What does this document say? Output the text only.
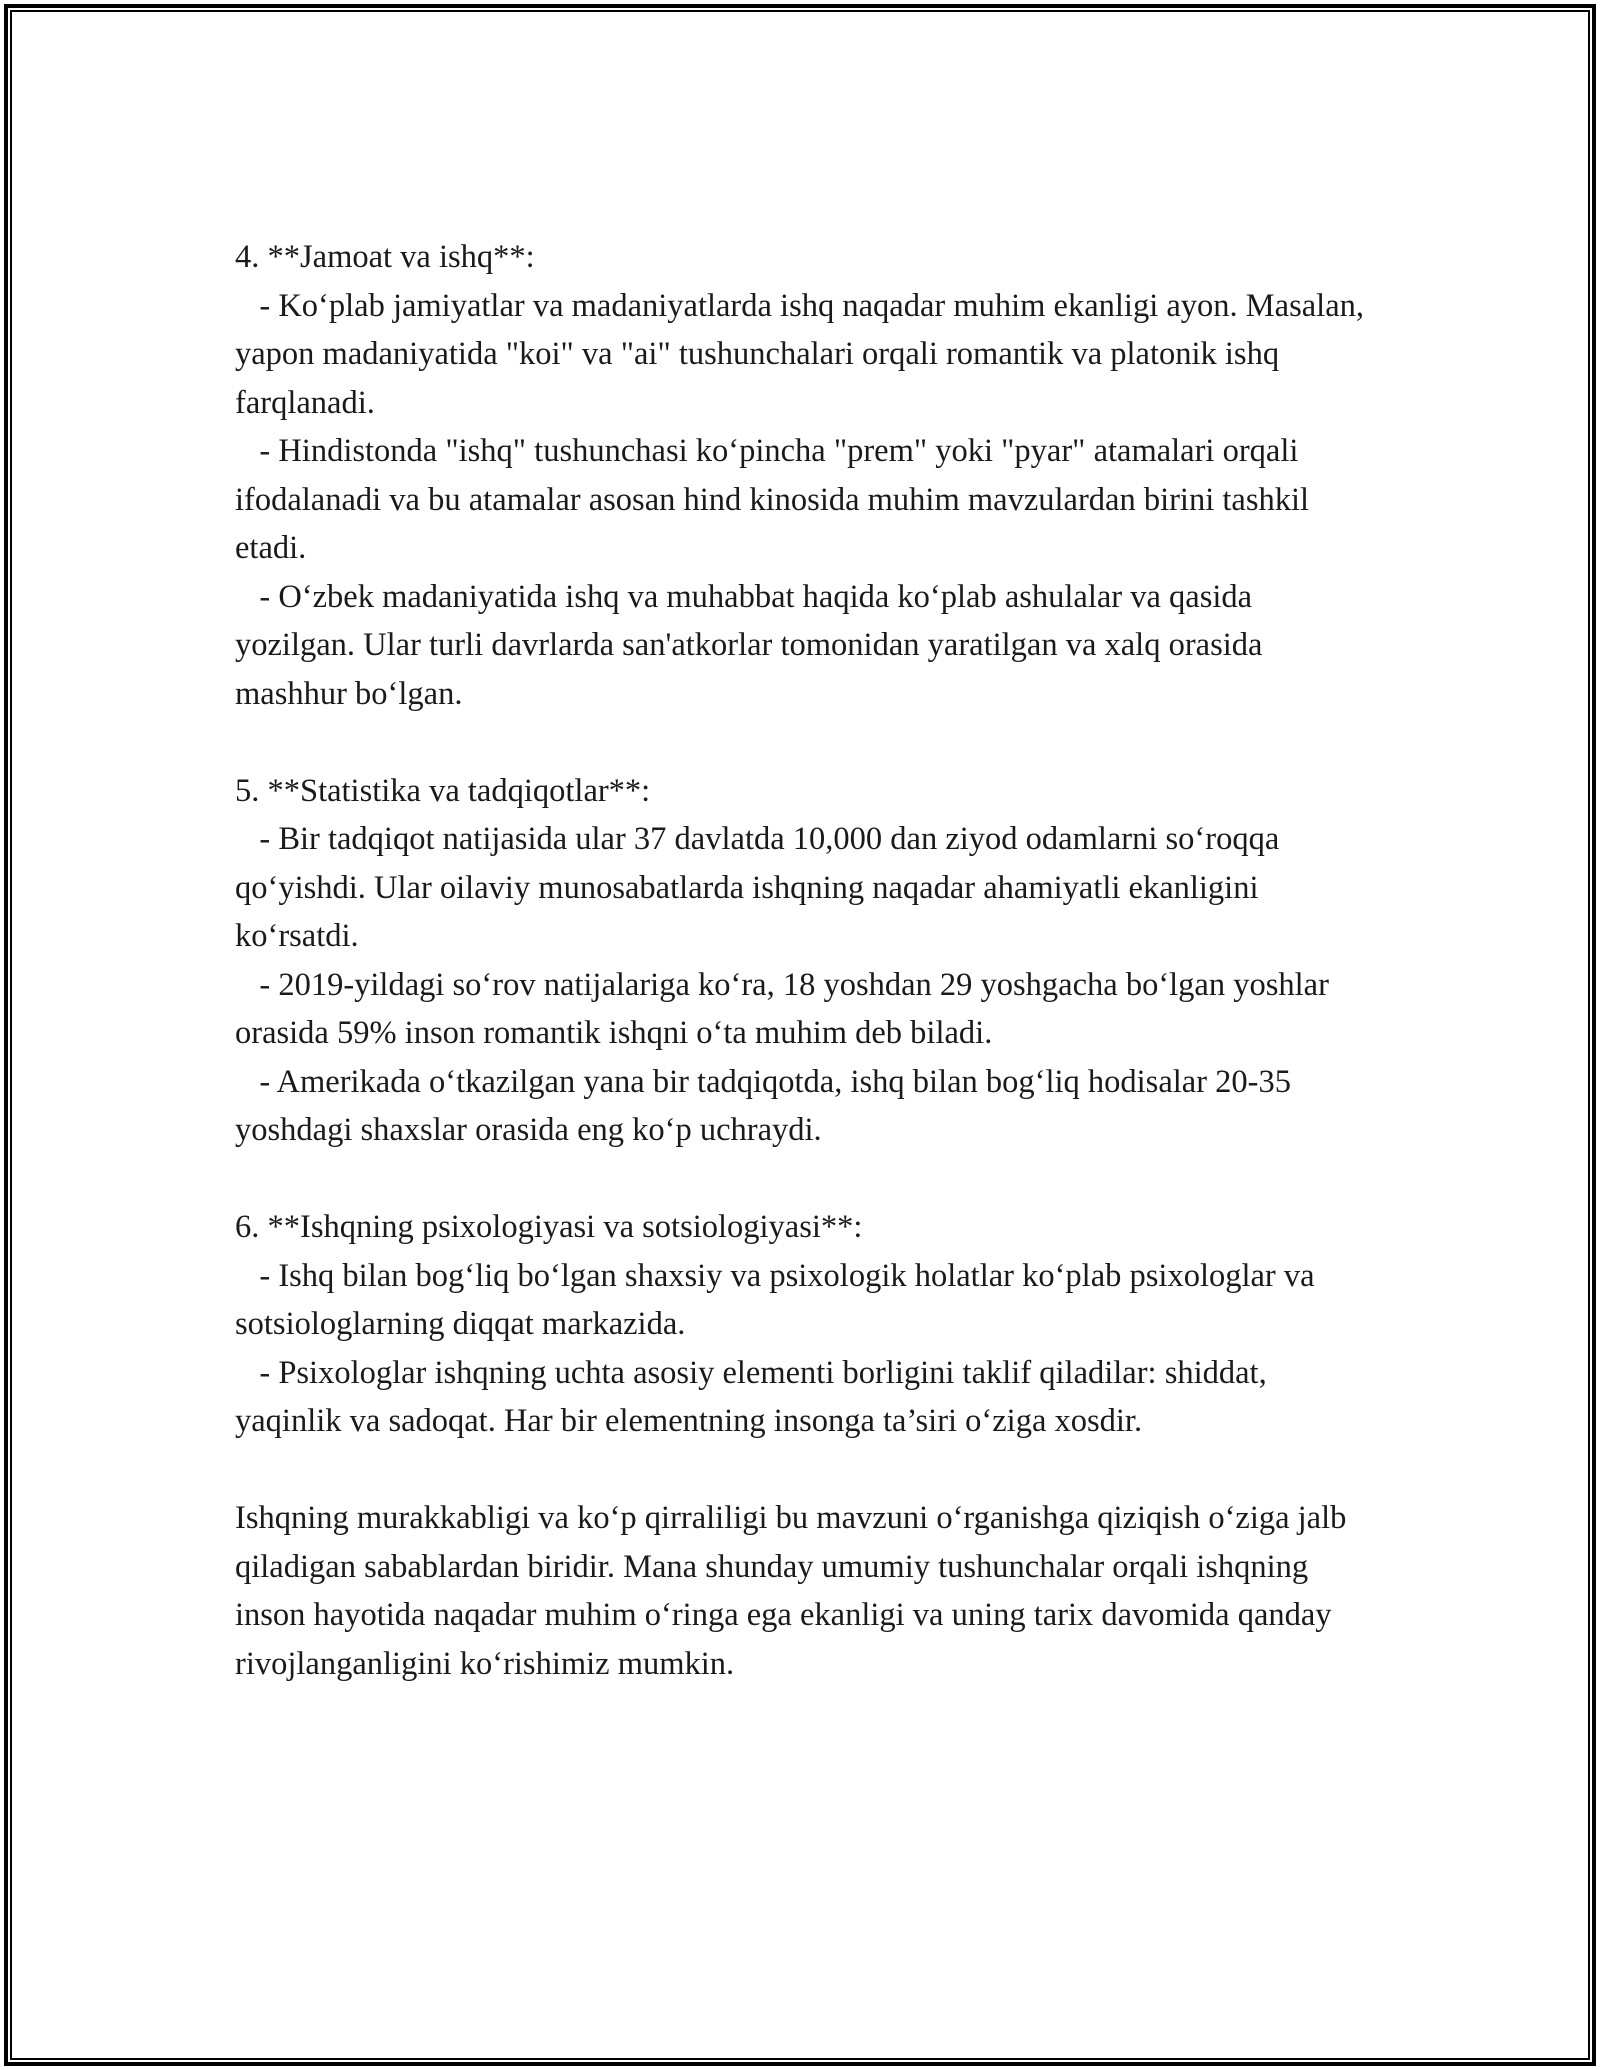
4. **Jamoat va ishq**:

- Ko‘plab jamiyatlar va madaniyatlarda ishq naqadar muhim ekanligi ayon. Masalan, yapon madaniyatida "koi" va "ai" tushunchalari orqali romantik va platonik ishq farqlanadi.

- Hindistonda "ishq" tushunchasi ko‘pincha "prem" yoki "pyar" atamalari orqali ifodalanadi va bu atamalar asosan hind kinosida muhim mavzulardan birini tashkil etadi.

- O‘zbek madaniyatida ishq va muhabbat haqida ko‘plab ashulalar va qasida yozilgan. Ular turli davrlarda san'atkorlar tomonidan yaratilgan va xalq orasida mashhur bo‘lgan.

5. **Statistika va tadqiqotlar**:

- Bir tadqiqot natijasida ular 37 davlatda 10,000 dan ziyod odamlarni so‘roqqa qo‘yishdi. Ular oilaviy munosabatlarda ishqning naqadar ahamiyatli ekanligini ko‘rsatdi.

- 2019-yildagi so‘rov natijalariga ko‘ra, 18 yoshdan 29 yoshgacha bo‘lgan yoshlar orasida 59% inson romantik ishqni o‘ta muhim deb biladi.

- Amerikada o‘tkazilgan yana bir tadqiqotda, ishq bilan bog‘liq hodisalar 20-35 yoshdagi shaxslar orasida eng ko‘p uchraydi.

6. **Ishqning psixologiyasi va sotsiologiyasi**:

- Ishq bilan bog‘liq bo‘lgan shaxsiy va psixologik holatlar ko‘plab psixologlar va sotsiologlarning diqqat markazida.

- Psixologlar ishqning uchta asosiy elementi borligini taklif qiladilar: shiddat, yaqinlik va sadoqat. Har bir elementning insonga ta’siri o‘ziga xosdir.

Ishqning murakkabligi va ko‘p qirraliligi bu mavzuni o‘rganishga qiziqish o‘ziga jalb qiladigan sabablardan biridir. Mana shunday umumiy tushunchalar orqali ishqning inson hayotida naqadar muhim o‘ringa ega ekanligi va uning tarix davomida qanday rivojlanganligini ko‘rishimiz mumkin.
